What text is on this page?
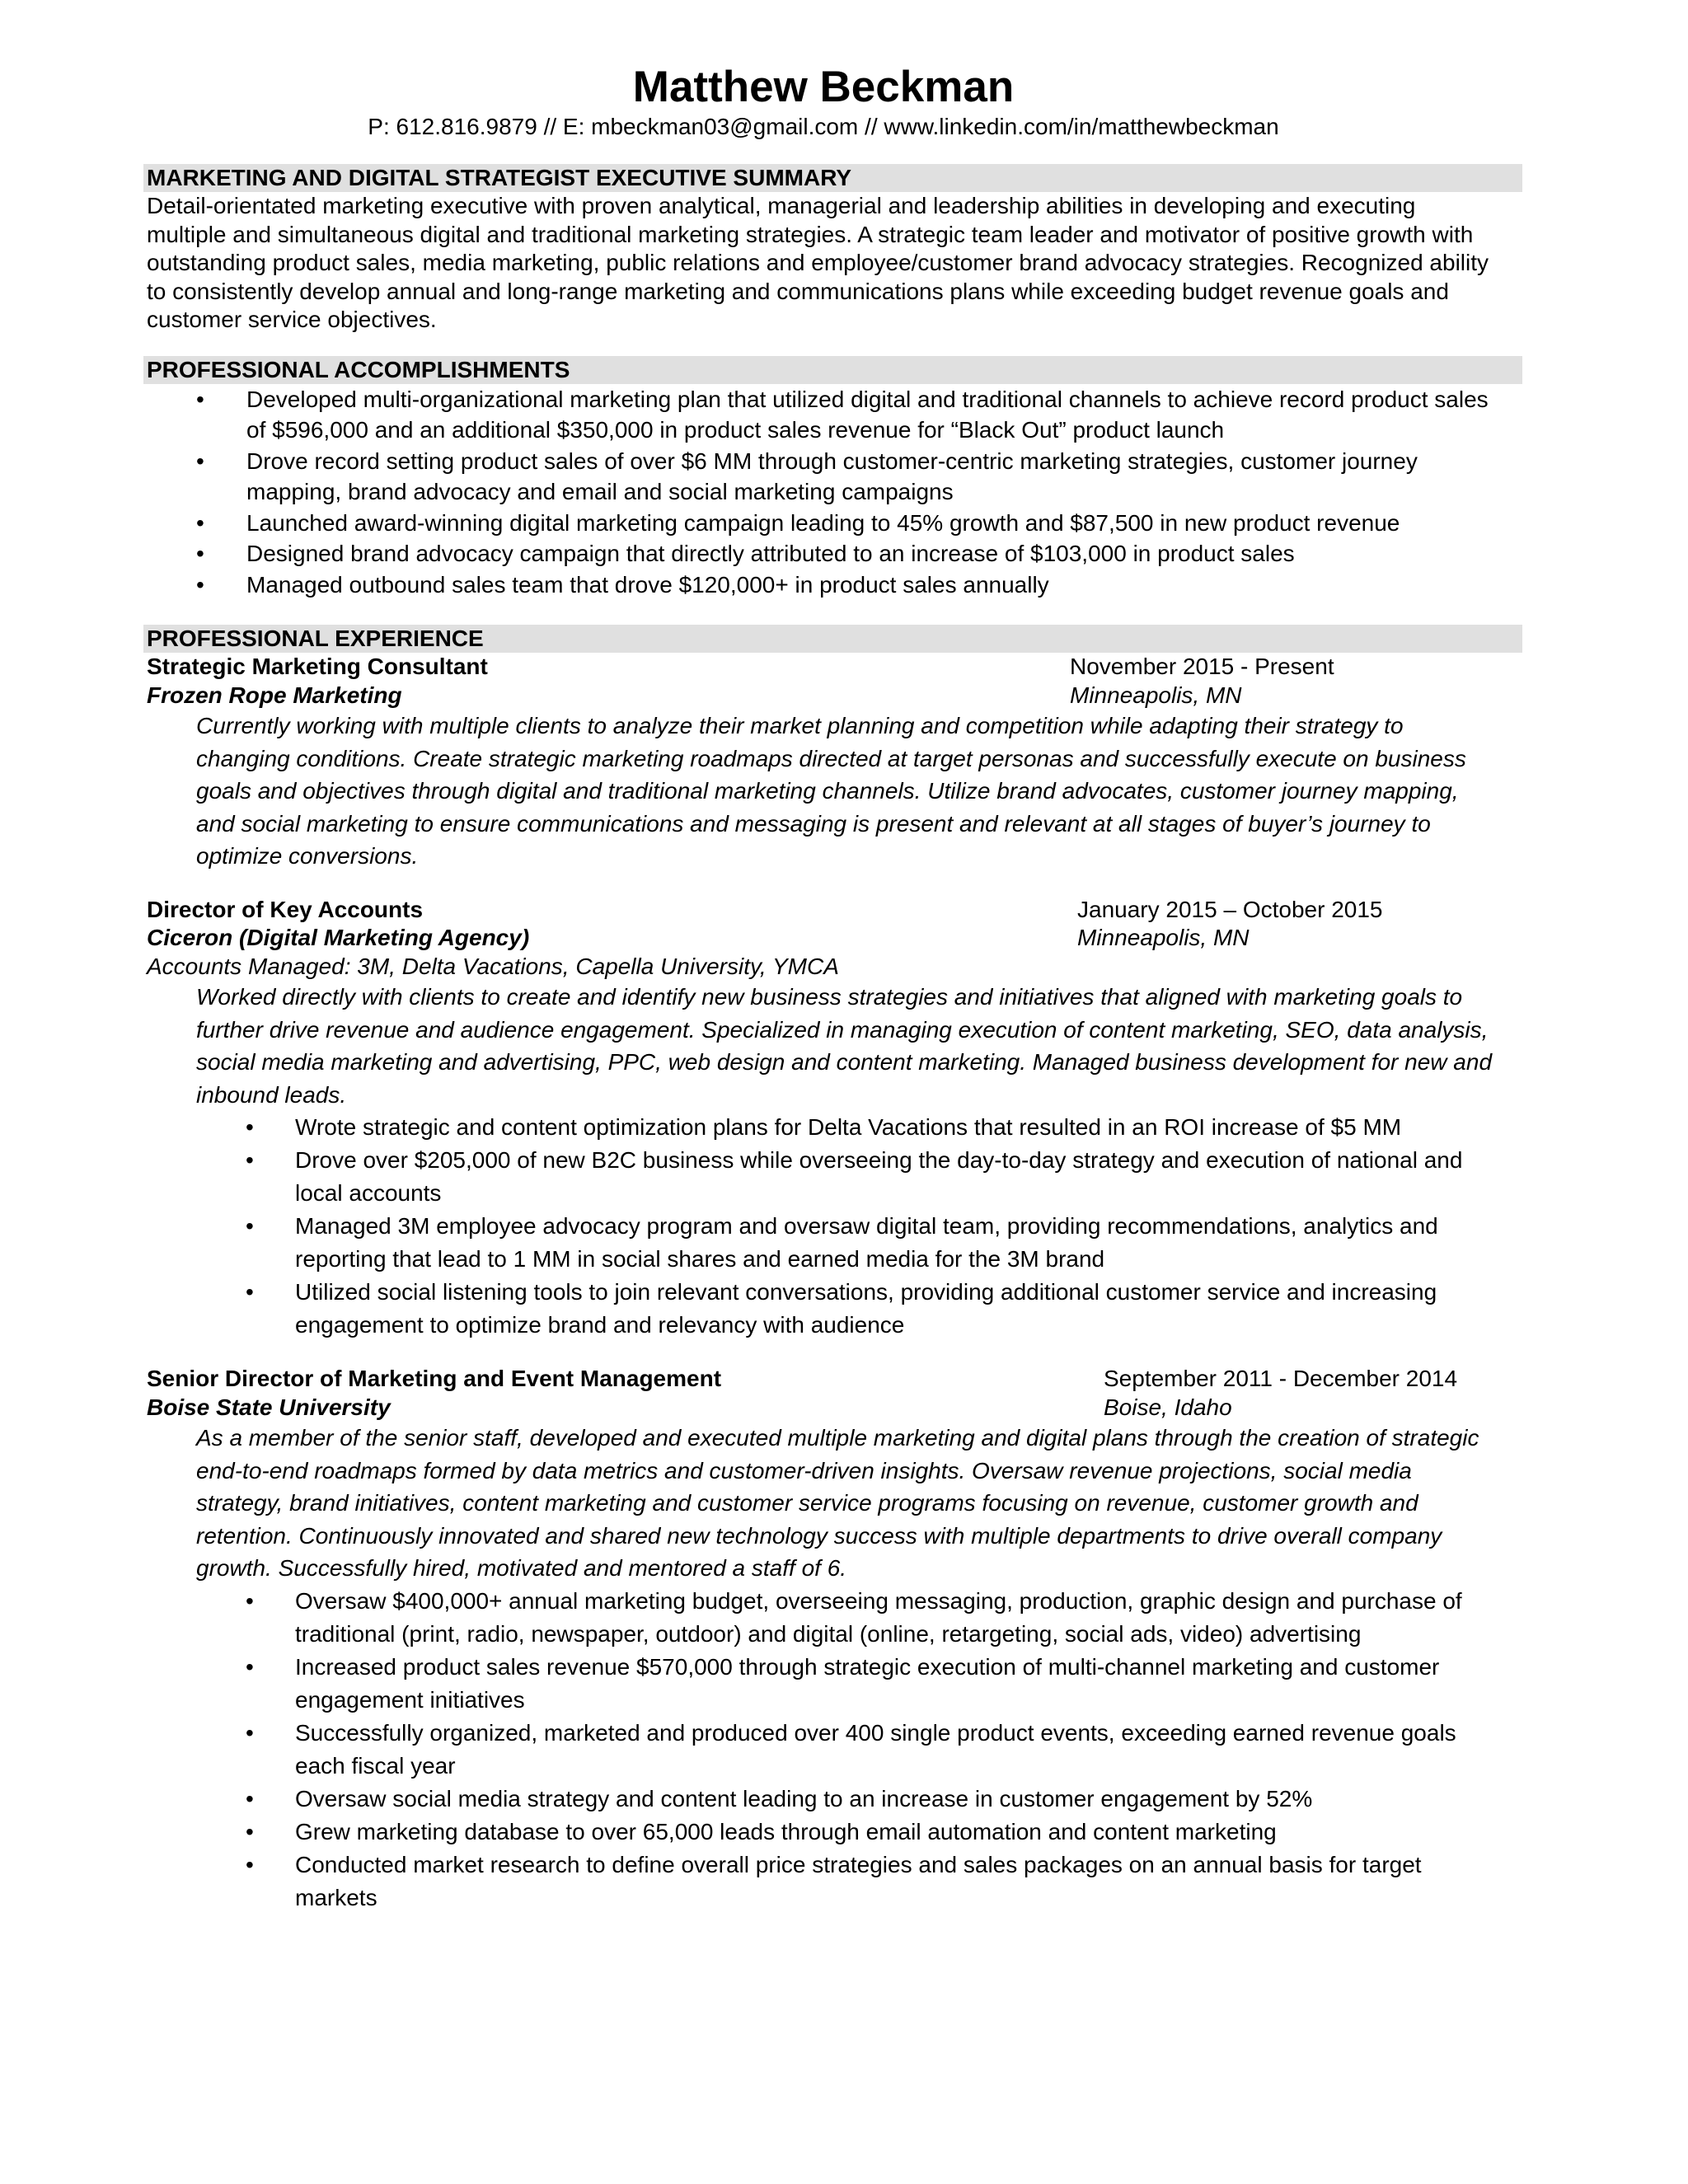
Matthew Beckman

P: 612.816.9879 // E: mbeckman03@gmail.com // www.linkedin.com/in/matthewbeckman

MARKETING AND DIGITAL STRATEGIST EXECUTIVE SUMMARY

Detail-orientated marketing executive with proven analytical, managerial and leadership abilities in developing and executing multiple and simultaneous digital and traditional marketing strategies. A strategic team leader and motivator of positive growth with outstanding product sales, media marketing, public relations and employee/customer brand advocacy strategies. Recognized ability to consistently develop annual and long-range marketing and communications plans while exceeding budget revenue goals and customer service objectives.

PROFESSIONAL ACCOMPLISHMENTS
• Developed multi-organizational marketing plan that utilized digital and traditional channels to achieve record product sales of $596,000 and an additional $350,000 in product sales revenue for “Black Out” product launch
• Drove record setting product sales of over $6 MM through customer-centric marketing strategies, customer journey mapping, brand advocacy and email and social marketing campaigns
• Launched award-winning digital marketing campaign leading to 45% growth and $87,500 in new product revenue
• Designed brand advocacy campaign that directly attributed to an increase of $103,000 in product sales
• Managed outbound sales team that drove $120,000+ in product sales annually
PROFESSIONAL EXPERIENCE
Strategic Marketing Consultant	November 2015 - Present
Frozen Rope Marketing	Minneapolis, MN
Currently working with multiple clients to analyze their market planning and competition while adapting their strategy to changing conditions. Create strategic marketing roadmaps directed at target personas and successfully execute on business goals and objectives through digital and traditional marketing channels. Utilize brand advocates, customer journey mapping, and social marketing to ensure communications and messaging is present and relevant at all stages of buyer’s journey to optimize conversions.
Director of Key Accounts	January 2015 – October 2015
Ciceron (Digital Marketing Agency)	Minneapolis, MN
Accounts Managed: 3M, Delta Vacations, Capella University, YMCA
Worked directly with clients to create and identify new business strategies and initiatives that aligned with marketing goals to further drive revenue and audience engagement. Specialized in managing execution of content marketing, SEO, data analysis, social media marketing and advertising, PPC, web design and content marketing. Managed business development for new and inbound leads.
• Wrote strategic and content optimization plans for Delta Vacations that resulted in an ROI increase of $5 MM
• Drove over $205,000 of new B2C business while overseeing the day-to-day strategy and execution of national and local accounts
• Managed 3M employee advocacy program and oversaw digital team, providing recommendations, analytics and reporting that lead to 1 MM in social shares and earned media for the 3M brand
• Utilized social listening tools to join relevant conversations, providing additional customer service and increasing engagement to optimize brand and relevancy with audience
Senior Director of Marketing and Event Management	September 2011 - December 2014
Boise State University	Boise, Idaho
As a member of the senior staff, developed and executed multiple marketing and digital plans through the creation of strategic end-to-end roadmaps formed by data metrics and customer-driven insights. Oversaw revenue projections, social media strategy, brand initiatives, content marketing and customer service programs focusing on revenue, customer growth and retention. Continuously innovated and shared new technology success with multiple departments to drive overall company growth. Successfully hired, motivated and mentored a staff of 6.
• Oversaw $400,000+ annual marketing budget, overseeing messaging, production, graphic design and purchase of traditional (print, radio, newspaper, outdoor) and digital (online, retargeting, social ads, video) advertising
• Increased product sales revenue $570,000 through strategic execution of multi-channel marketing and customer engagement initiatives
• Successfully organized, marketed and produced over 400 single product events, exceeding earned revenue goals each fiscal year
• Oversaw social media strategy and content leading to an increase in customer engagement by 52%
• Grew marketing database to over 65,000 leads through email automation and content marketing
• Conducted market research to define overall price strategies and sales packages on an annual basis for target markets
